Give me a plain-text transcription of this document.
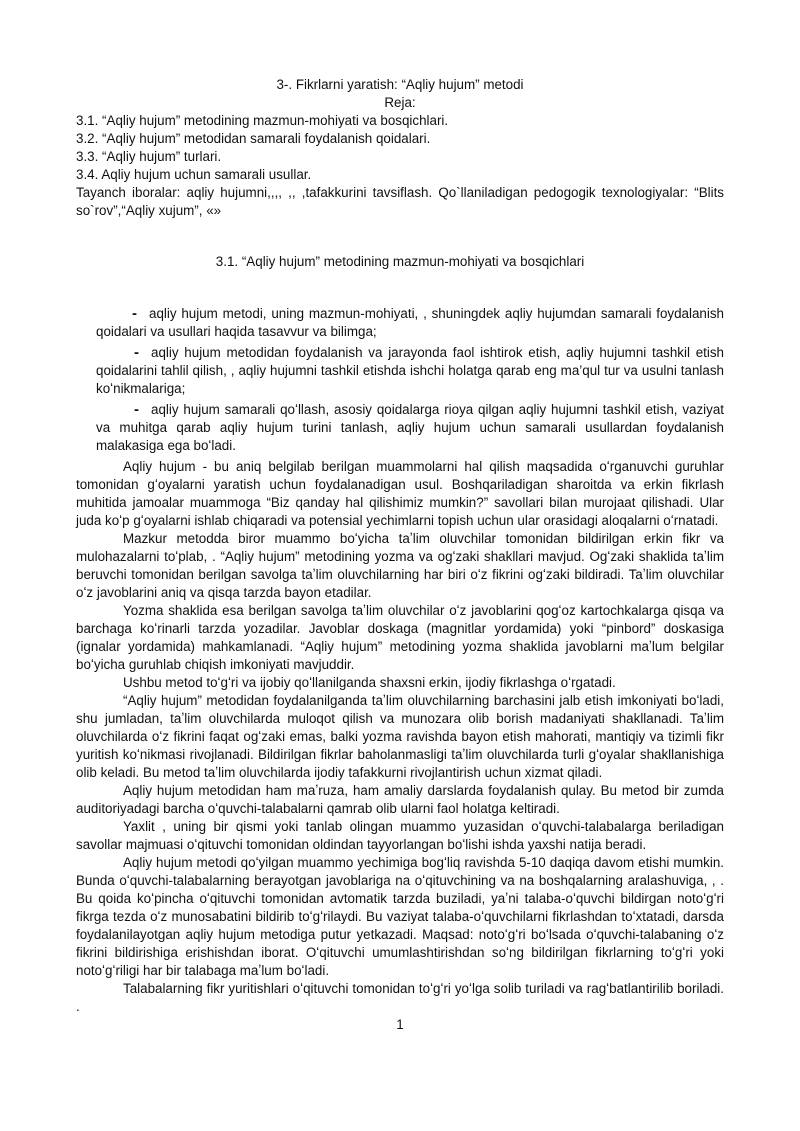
3-. Fikrlarni yaratish: “Aqliy hujum” metodi

Reja:

3.1. “Aqliy hujum” metodining mazmun-mohiyati va bosqichlari.

3.2. “Aqliy hujum” metodidan samarali foydalanish qoidalari.

3.3. “Aqliy hujum” turlari.

3.4. Aqliy hujum uchun samarali usullar.

Tayanch iboralar: aqliy hujumni,,,, ,, ,tafakkurini tavsiflash. Qo`llaniladigan pedogogik texnologiyalar: “Blits so`rov”,“Aqliy xujum”, «»

3.1. “Aqliy hujum” metodining mazmun-mohiyati va bosqichlari

- aqliy hujum metodi, uning mazmun-mohiyati, , shuningdek aqliy hujumdan samarali foydalanish qoidalari va usullari haqida tasavvur va bilimga;

- aqliy hujum metodidan foydalanish va jarayonda faol ishtirok etish, aqliy hujumni tashkil etish qoidalarini tahlil qilish, , aqliy hujumni tashkil etishda ishchi holatga qarab eng ma’qul tur va usulni tanlash koʻnikmalariga;

- aqliy hujum samarali qoʻllash, asosiy qoidalarga rioya qilgan aqliy hujumni tashkil etish, vaziyat va muhitga qarab aqliy hujum turini tanlash, aqliy hujum uchun samarali usullardan foydalanish malakasiga ega boʻladi.

Aqliy hujum - bu aniq belgilab berilgan muammolarni hal qilish maqsadida oʻrganuvchi guruhlar tomonidan gʻoyalarni yaratish uchun foydalanadigan usul. Boshqariladigan sharoitda va erkin fikrlash muhitida jamoalar muammoga “Biz qanday hal qilishimiz mumkin?” savollari bilan murojaat qilishadi. Ular juda koʻp gʻoyalarni ishlab chiqaradi va potensial yechimlarni topish uchun ular orasidagi aloqalarni oʻrnatadi.

Mazkur metodda biror muammo boʻyicha taʼlim oluvchilar tomonidan bildirilgan erkin fikr va mulohazalarni toʻplab, . “Aqliy hujum” metodining yozma va ogʻzaki shakllari mavjud. Ogʻzaki shaklida taʼlim beruvchi tomonidan berilgan savolga taʼlim oluvchilarning har biri oʻz fikrini ogʻzaki bildiradi. Taʼlim oluvchilar oʻz javoblarini aniq va qisqa tarzda bayon etadilar.

Yozma shaklida esa berilgan savolga taʼlim oluvchilar oʻz javoblarini qogʻoz kartochkalarga qisqa va barchaga koʻrinarli tarzda yozadilar. Javoblar doskaga (magnitlar yordamida) yoki “pinbord” doskasiga (ignalar yordamida) mahkamlanadi. “Aqliy hujum” metodining yozma shaklida javoblarni maʼlum belgilar boʻyicha guruhlab chiqish imkoniyati mavjuddir.

Ushbu metod toʻgʻri va ijobiy qoʻllanilganda shaxsni erkin, ijodiy fikrlashga oʻrgatadi.

“Aqliy hujum” metodidan foydalanilganda taʼlim oluvchilarning barchasini jalb etish imkoniyati boʻladi, shu jumladan, taʼlim oluvchilarda muloqot qilish va munozara olib borish madaniyati shakllanadi. Taʼlim oluvchilarda oʻz fikrini faqat ogʻzaki emas, balki yozma ravishda bayon etish mahorati, mantiqiy va tizimli fikr yuritish koʻnikmasi rivojlanadi. Bildirilgan fikrlar baholanmasligi taʼlim oluvchilarda turli gʻoyalar shakllanishiga olib keladi. Bu metod taʼlim oluvchilarda ijodiy tafakkurni rivojlantirish uchun xizmat qiladi.

Aqliy hujum metodidan ham maʼruza, ham amaliy darslarda foydalanish qulay. Bu metod bir zumda auditoriyadagi barcha oʻquvchi-talabalarni qamrab olib ularni faol holatga keltiradi.

Yaxlit , uning bir qismi yoki tanlab olingan muammo yuzasidan oʻquvchi-talabalarga beriladigan savollar majmuasi oʻqituvchi tomonidan oldindan tayyorlangan boʻlishi ishda yaxshi natija beradi.

Aqliy hujum metodi qoʻyilgan muammo yechimiga bogʻliq ravishda 5-10 daqiqa davom etishi mumkin. Bunda oʻquvchi-talabalarning berayotgan javoblariga na oʻqituvchining va na boshqalarning aralashuviga, , . Bu qoida koʻpincha oʻqituvchi tomonidan avtomatik tarzda buziladi, yaʼni talaba-oʻquvchi bildirgan notoʻgʻri fikrga tezda oʻz munosabatini bildirib toʻgʻrilaydi. Bu vaziyat talaba-oʻquvchilarni fikrlashdan toʻxtatadi, darsda foydalanilayotgan aqliy hujum metodiga putur yetkazadi. Maqsad: notoʻgʻri boʻlsada oʻquvchi-talabaning oʻz fikrini bildirishiga erishishdan iborat. Oʻqituvchi umumlashtirishdan soʻng bildirilgan fikrlarning toʻgʻri yoki notoʻgʻriligi har bir talabaga maʼlum boʻladi.

Talabalarning fikr yuritishlari oʻqituvchi tomonidan toʻgʻri yoʻlga solib turiladi va ragʻbatlantirilib boriladi. .

1
